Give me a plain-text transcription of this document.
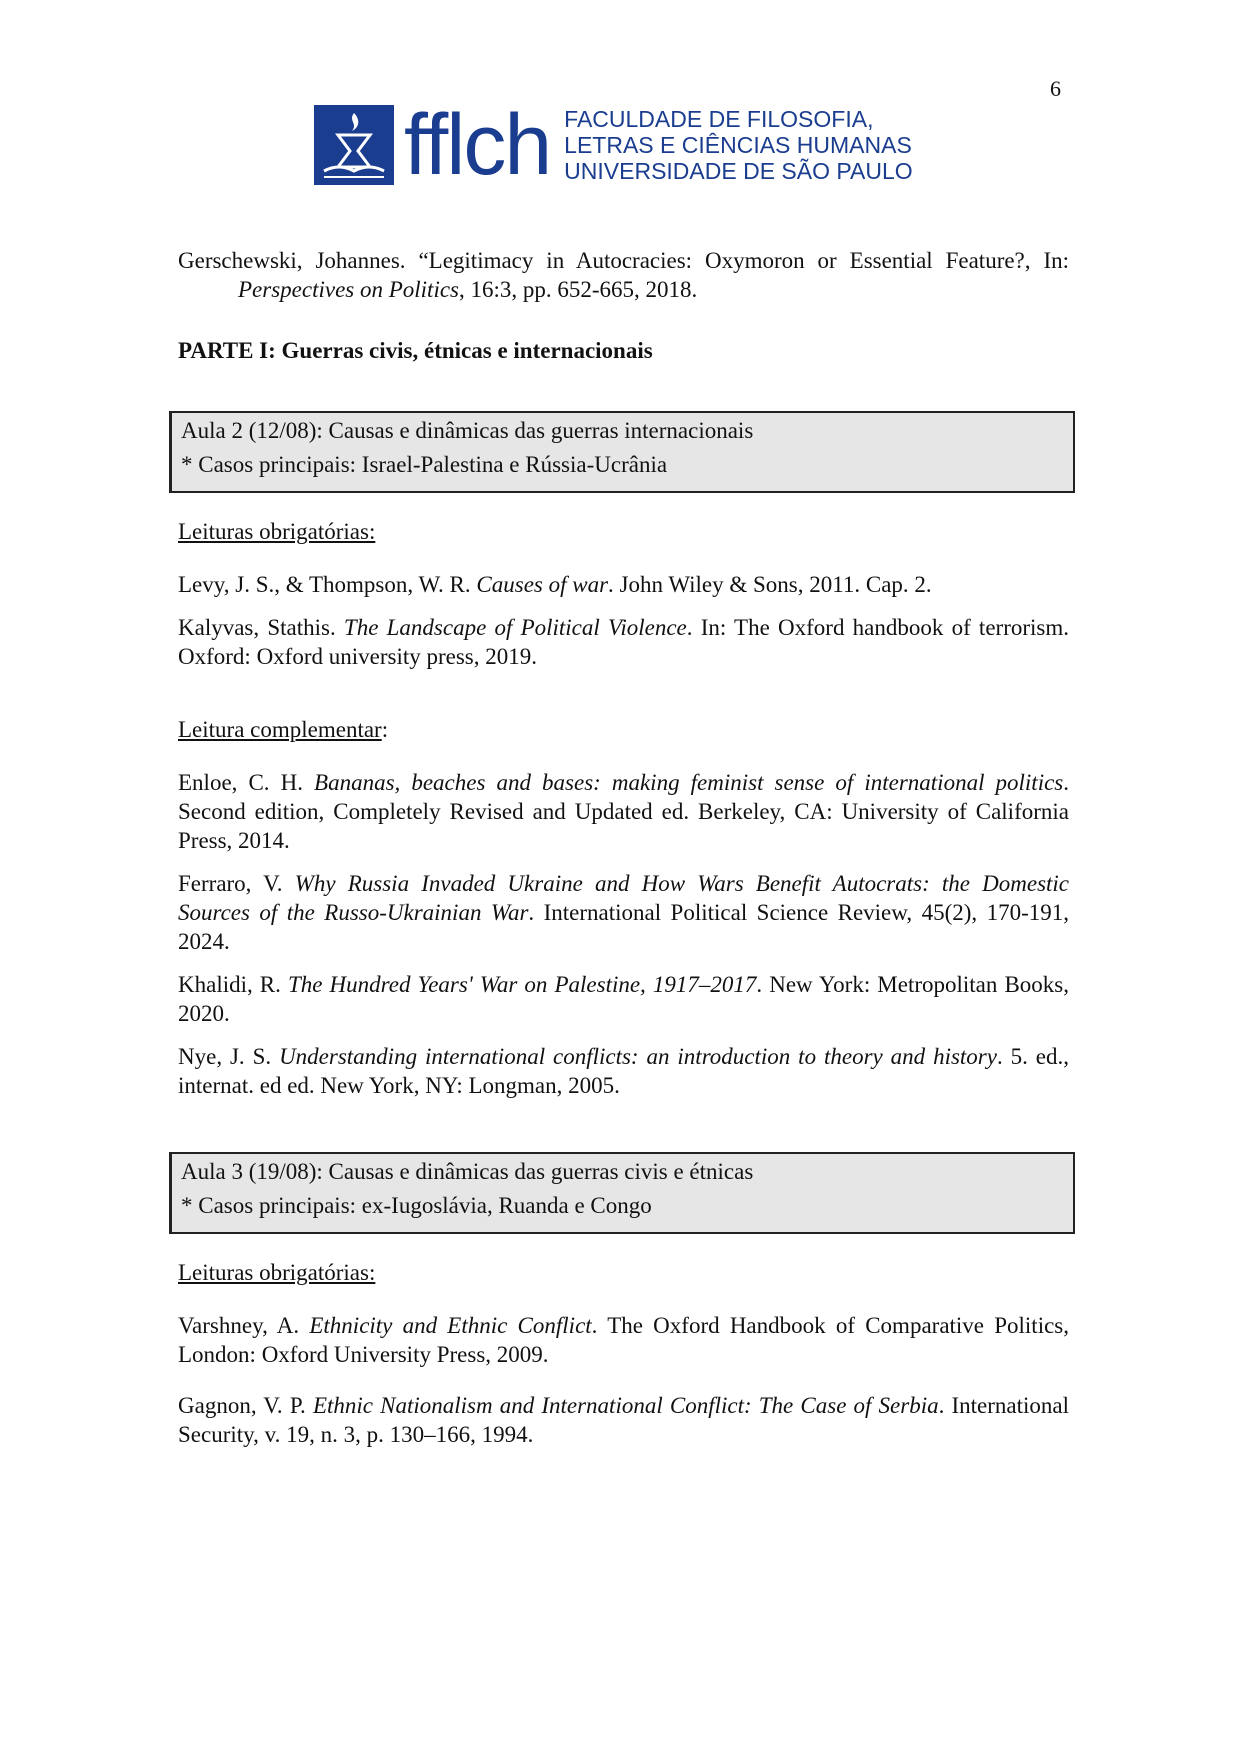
6
fflch FACULDADE DE FILOSOFIA,
LETRAS E CIÊNCIAS HUMANAS
UNIVERSIDADE DE SÃO PAULO
Gerschewski, Johannes. “Legitimacy in Autocracies: Oxymoron or Essential Feature?, In: Perspectives on Politics, 16:3, pp. 652-665, 2018.
PARTE I: Guerras civis, étnicas e internacionais
Aula 2 (12/08): Causas e dinâmicas das guerras internacionais
* Casos principais: Israel-Palestina e Rússia-Ucrânia
Leituras obrigatórias:
Levy, J. S., & Thompson, W. R. Causes of war. John Wiley & Sons, 2011. Cap. 2.
Kalyvas, Stathis. The Landscape of Political Violence. In: The Oxford handbook of terrorism. Oxford: Oxford university press, 2019.
Leitura complementar:
Enloe, C. H. Bananas, beaches and bases: making feminist sense of international politics. Second edition, Completely Revised and Updated ed. Berkeley, CA: University of California Press, 2014.
Ferraro, V. Why Russia Invaded Ukraine and How Wars Benefit Autocrats: the Domestic Sources of the Russo-Ukrainian War. International Political Science Review, 45(2), 170-191, 2024.
Khalidi, R. The Hundred Years' War on Palestine, 1917–2017. New York: Metropolitan Books, 2020.
Nye, J. S. Understanding international conflicts: an introduction to theory and history. 5. ed., internat. ed ed. New York, NY: Longman, 2005.
Aula 3 (19/08): Causas e dinâmicas das guerras civis e étnicas
* Casos principais: ex-Iugoslávia, Ruanda e Congo
Leituras obrigatórias:
Varshney, A. Ethnicity and Ethnic Conflict. The Oxford Handbook of Comparative Politics, London: Oxford University Press, 2009.
Gagnon, V. P. Ethnic Nationalism and International Conflict: The Case of Serbia. International Security, v. 19, n. 3, p. 130–166, 1994.
